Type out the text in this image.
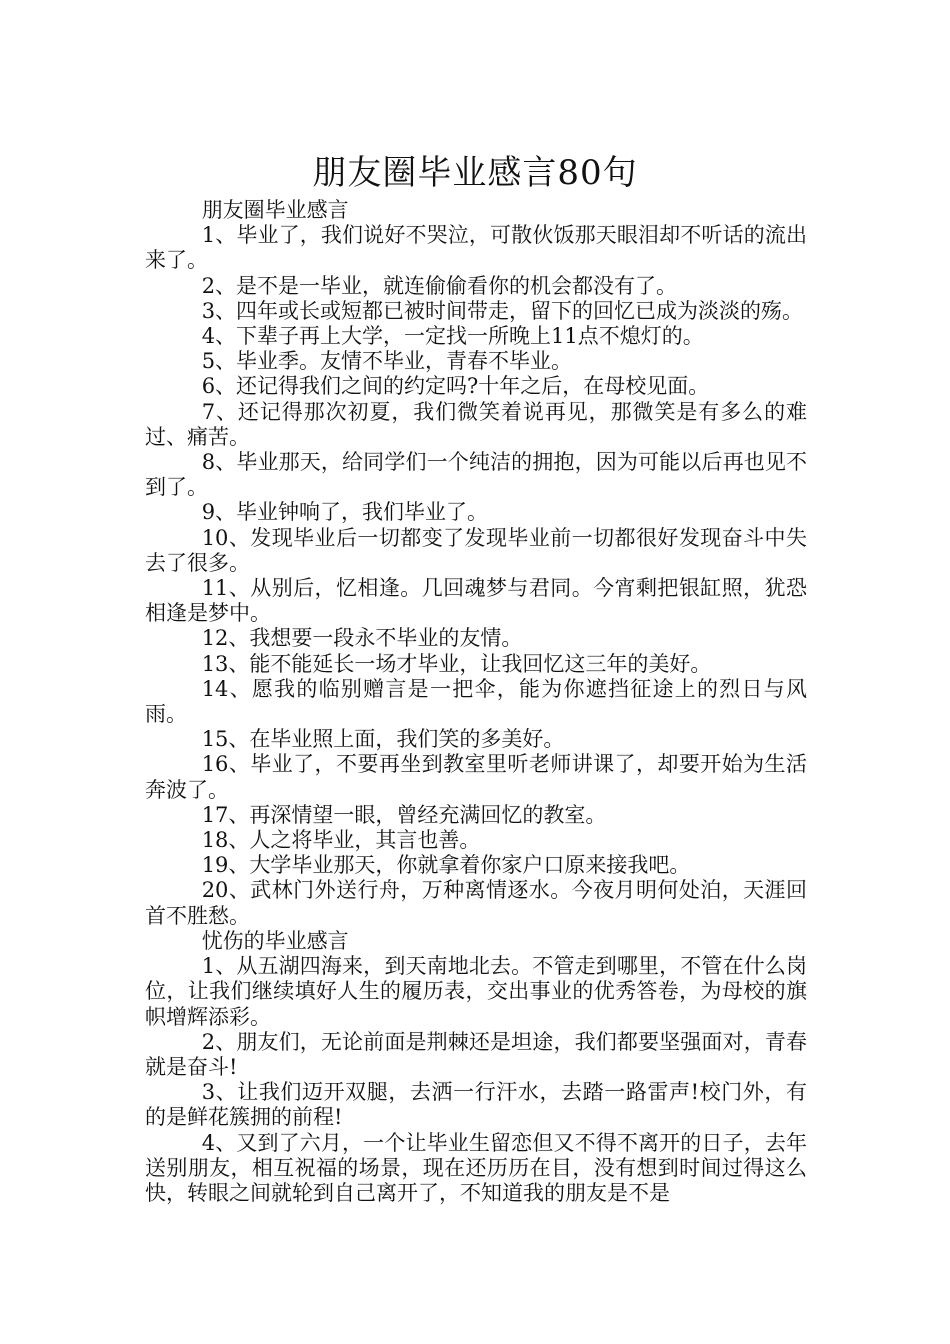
朋友圈毕业感言80句

朋友圈毕业感言

1、毕业了，我们说好不哭泣，可散伙饭那天眼泪却不听话的流出来了。

2、是不是一毕业，就连偷偷看你的机会都没有了。

3、四年或长或短都已被时间带走，留下的回忆已成为淡淡的殇。

4、下辈子再上大学，一定找一所晚上11点不熄灯的。

5、毕业季。友情不毕业，青春不毕业。

6、还记得我们之间的约定吗?十年之后，在母校见面。

7、还记得那次初夏，我们微笑着说再见，那微笑是有多么的难过、痛苦。

8、毕业那天，给同学们一个纯洁的拥抱，因为可能以后再也见不到了。

9、毕业钟响了，我们毕业了。

10、发现毕业后一切都变了发现毕业前一切都很好发现奋斗中失去了很多。

11、从别后，忆相逢。几回魂梦与君同。今宵剩把银缸照，犹恐相逢是梦中。

12、我想要一段永不毕业的友情。

13、能不能延长一场才毕业，让我回忆这三年的美好。

14、愿我的临别赠言是一把伞，能为你遮挡征途上的烈日与风雨。

15、在毕业照上面，我们笑的多美好。

16、毕业了，不要再坐到教室里听老师讲课了，却要开始为生活奔波了。

17、再深情望一眼，曾经充满回忆的教室。

18、人之将毕业，其言也善。

19、大学毕业那天，你就拿着你家户口原来接我吧。

20、武林门外送行舟，万种离情逐水。今夜月明何处泊，天涯回首不胜愁。

忧伤的毕业感言

1、从五湖四海来，到天南地北去。不管走到哪里，不管在什么岗位，让我们继续填好人生的履历表，交出事业的优秀答卷，为母校的旗帜增辉添彩。

2、朋友们，无论前面是荆棘还是坦途，我们都要坚强面对，青春就是奋斗!

3、让我们迈开双腿，去洒一行汗水，去踏一路雷声!校门外，有的是鲜花簇拥的前程!

4、又到了六月，一个让毕业生留恋但又不得不离开的日子，去年送别朋友，相互祝福的场景，现在还历历在目，没有想到时间过得这么快，转眼之间就轮到自己离开了，不知道我的朋友是不是
